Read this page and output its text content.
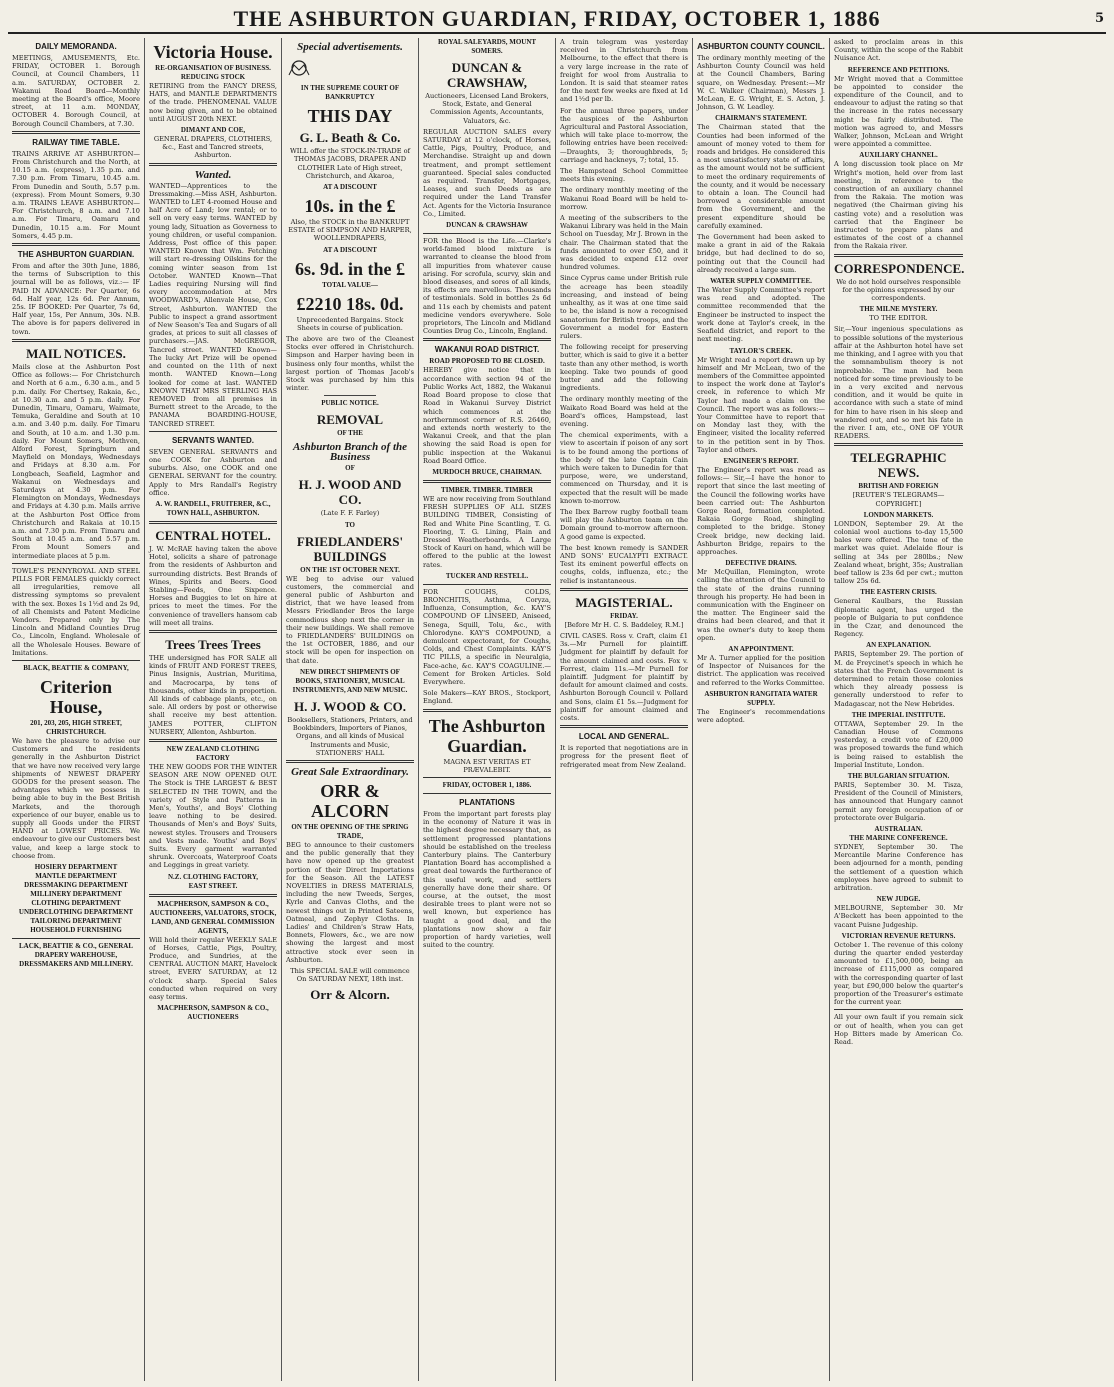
THE ASHBURTON GUARDIAN, FRIDAY, OCTOBER 1, 1886	5
DAILY MEMORANDA.
MEETINGS, AMUSEMENTS, Etc. FRIDAY, OCTOBER 1. Borough Council, at Council Chambers, 11 a.m. SATURDAY, OCTOBER 2. Wakanui Road Board—Monthly meeting at the Board's office, Moore street, at 11 a.m. MONDAY, OCTOBER 4. Borough Council, at Borough Council Chambers, at 7.30.
RAILWAY TIME TABLE.
TRAINS ARRIVE AT ASHBURTON—From Christchurch and the North, at 10.15 a.m. (express), 1.35 p.m. and 7.30 p.m. From Timaru, 10.45 a.m. From Dunedin and South, 5.57 p.m. (express). From Mount Somers, 9.30 a.m. TRAINS LEAVE ASHBURTON—For Christchurch, 8 a.m. and 7.10 a.m. For Timaru, Oamaru and Dunedin, 10.15 a.m. For Mount Somers, 4.45 p.m.
THE ASHBURTON GUARDIAN.
From and after the 30th June, 1886, the terms of Subscription to this journal will be as follows, viz.:— IF PAID IN ADVANCE: Per Quarter, 6s 6d. Half year, 12s 6d. Per Annum, 25s. IF BOOKED: Per Quarter, 7s 6d, Half year, 15s, Per Annum, 30s. N.B. The above is for papers delivered in town.
MAIL NOTICES.
Mails close at the Ashburton Post Office as follows:— For Christchurch and North at 6 a.m., 6.30 a.m., and 5 p.m. daily. For Chertsey, Rakaia, &c., at 10.30 a.m. and 5 p.m. daily. For Dunedin, Timaru, Oamaru, Waimate, Temuka, Geraldine and South at 10 a.m. and 3.40 p.m. daily. For Timaru and South, at 10 a.m. and 1.30 p.m. daily. For Mount Somers, Methven, Alford Forest, Springburn and Mayfield on Mondays, Wednesdays and Fridays at 8.30 a.m. For Longbeach, Seafield, Lagmhor and Wakanui on Wednesdays and Saturdays at 4.30 p.m. For Flemington on Mondays, Wednesdays and Fridays at 4.30 p.m. Mails arrive at the Ashburton Post Office from Christchurch and Rakaia at 10.15 a.m. and 7.30 p.m. From Timaru and South at 10.45 a.m. and 5.57 p.m. From Mount Somers and intermediate places at 5 p.m.
TOWLE'S PENNYROYAL AND STEEL PILLS FOR FEMALES quickly correct all irregularities, remove all distressing symptoms so prevalent with the sex. Boxes 1s 1½d and 2s 9d, of all Chemists and Patent Medicine Vendors. Prepared only by The Lincoln and Midland Counties Drug Co., Lincoln, England. Wholesale of all the Wholesale Houses. Beware of Imitations.
BLACK, BEATTIE & COMPANY,
Criterion House,
201, 203, 205, HIGH STREET, CHRISTCHURCH.
We have the pleasure to advise our Customers and the residents generally in the Ashburton District that we have now received very large shipments of NEWEST DRAPERY GOODS for the present season. The advantages which we possess in being able to buy in the Best British Markets, and the thorough experience of our buyer, enable us to supply all Goods under the FIRST HAND at LOWEST PRICES. We endeavour to give our Customers best value, and keep a large stock to choose from.
HOSIERY DEPARTMENT
MANTLE DEPARTMENT
DRESSMAKING DEPARTMENT
MILLINERY DEPARTMENT
CLOTHING DEPARTMENT
UNDERCLOTHING DEPARTMENT
TAILORING DEPARTMENT
HOUSEHOLD FURNISHING
LACK, BEATTIE & CO., GENERAL DRAPERY WAREHOUSE, DRESSMAKERS AND MILLINERY.
Victoria House.
RE-ORGANISATION OF BUSINESS.
REDUCING STOCK
RETIRING from the FANCY DRESS, HATS, and MANTLE DEPARTMENTS of the trade. PHENOMENAL VALUE now being given, and to be obtained until AUGUST 20th NEXT.
DIMANT AND COE,
GENERAL DRAPERS, CLOTHIERS, &c., East and Tancred streets, Ashburton.
Wanted.
WANTED—Apprentices to the Dressmaking.—Miss ASH, Ashburton. WANTED to LET 4-roomed House and half Acre of Land; low rental; or to sell on very easy terms. WANTED by young lady, Situation as Governess to young children, or useful companion. Address, Post office of this paper. WANTED Known that Wm. Fetching will start re-dressing Oilskins for the coming winter season from 1st October. WANTED Known—That Ladies requiring Nursing will find every accommodation at Mrs WOODWARD's, Allenvale House, Cox Street, Ashburton. WANTED the Public to inspect a grand assortment of New Season's Tea and Sugars of all grades, at prices to suit all classes of purchasers.—JAS. McGREGOR, Tancred street. WANTED Known—The lucky Art Prize will be opened and counted on the 11th of next month. WANTED Known—Long looked for come at last. WANTED KNOWN THAT MRS STERLING HAS REMOVED from all premises in Burnett street to the Arcade, to the PANAMA BOARDING-HOUSE, TANCRED STREET.
SERVANTS WANTED.
SEVEN GENERAL SERVANTS and one COOK for Ashburton and suburbs. Also, one COOK and one GENERAL SERVANT for the country. Apply to Mrs Randall's Registry office.
A. W. RANDELL, FRUITERER, &C., TOWN HALL, ASHBURTON.
CENTRAL HOTEL.
J. W. McRAE having taken the above Hotel, solicits a share of patronage from the residents of Ashburton and surrounding districts. Best Brands of Wines, Spirits and Beers. Good Stabling—Feeds, One Sixpence. Horses and Buggies to let on hire at prices to meet the times. For the convenience of travellers hansom cab will meet all trains.
Trees Trees Trees
THE undersigned has FOR SALE all kinds of FRUIT AND FOREST TREES, Pinus Insignis, Austrian, Muritima, and Macrocarpa, by tens of thousands, other kinds in proportion. All kinds of cabbage plants, etc., on sale. All orders by post or otherwise shall receive my best attention. JAMES POTTER, CLIFTON NURSERY, Allenton, Ashburton.
NEW ZEALAND CLOTHING FACTORY
THE NEW GOODS FOR THE WINTER SEASON ARE NOW OPENED OUT. The Stock is THE LARGEST & BEST SELECTED IN THE TOWN, and the variety of Style and Patterns in Men's, Youths', and Boys' Clothing leave nothing to be desired. Thousands of Men's and Boys' Suits, newest styles. Trousers and Trousers and Vests made. Youths' and Boys' Suits. Every garment warranted shrunk. Overcoats, Waterproof Coats and Leggings in great variety.
N.Z. CLOTHING FACTORY,
EAST STREET.
MACPHERSON, SAMPSON & CO., AUCTIONEERS, VALUATORS, STOCK, LAND, AND GENERAL COMMISSION AGENTS,
Will hold their regular WEEKLY SALE of Horses, Cattle, Pigs, Poultry, Produce, and Sundries, at the CENTRAL AUCTION MART, Havelock street, EVERY SATURDAY, at 12 o'clock sharp. Special Sales conducted when required on very easy terms.
MACPHERSON, SAMPSON & CO., AUCTIONEERS
Special advertisements.
IN THE SUPREME COURT OF BANKRUPTCY
THIS DAY
G. L. Beath & Co.
WILL offer the STOCK-IN-TRADE of THOMAS JACOBS, DRAPER AND CLOTHIER Late of High street, Christchurch, and Akaroa,
AT A DISCOUNT
10s. in the £
Also, the STOCK in the BANKRUPT ESTATE of SIMPSON AND HARPER, WOOLLENDRAPERS,
AT A DISCOUNT
6s. 9d. in the £
TOTAL VALUE—
£2210 18s. 0d.
Unprecedented Bargains. Stock Sheets in course of publication.
The above are two of the Cleanest Stocks ever offered in Christchurch. Simpson and Harper having been in business only four months, whilst the largest portion of Thomas Jacob's Stock was purchased by him this winter.
PUBLIC NOTICE.
REMOVAL
OF THE
Ashburton Branch of the Business
OF
H. J. WOOD AND CO.
(Late F. F. Farley)
TO
FRIEDLANDERS' BUILDINGS
ON THE 1ST OCTOBER NEXT.
WE beg to advise our valued customers, the commercial and general public of Ashburton and district, that we have leased from Messrs Friedlander Bros the large commodious shop next the corner in their new buildings. We shall remove to FRIEDLANDERS' BUILDINGS on the 1st OCTOBER, 1886, and our stock will be open for inspection on that date.
NEW DIRECT SHIPMENTS OF BOOKS, STATIONERY, MUSICAL INSTRUMENTS, AND NEW MUSIC.
H. J. WOOD & CO.
Booksellers, Stationers, Printers, and Bookbinders, Importers of Pianos, Organs, and all kinds of Musical Instruments and Music, STATIONERS' HALL
Great Sale Extraordinary.
ORR & ALCORN
ON THE OPENING OF THE SPRING TRADE,
BEG to announce to their customers and the public generally that they have now opened up the greatest portion of their Direct Importations for the Season. All the LATEST NOVELTIES in DRESS MATERIALS, including the new Tweeds, Serges, Kyrle and Canvas Cloths, and the newest things out in Printed Sateens, Oatmeal, and Zephyr Cloths. In Ladies' and Children's Straw Hats, Bonnets, Flowers, &c., we are now showing the largest and most attractive stock ever seen in Ashburton.
This SPECIAL SALE will commence On SATURDAY NEXT, 18th inst.
Orr & Alcorn.
ROYAL SALEYARDS, MOUNT SOMERS.
DUNCAN & CRAWSHAW,
Auctioneers, Licensed Land Brokers, Stock, Estate, and General Commission Agents, Accountants, Valuators, &c.
REGULAR AUCTION SALES every SATURDAY at 12 o'clock, of Horses, Cattle, Pigs, Poultry, Produce, and Merchandise. Straight up and down treatment, and prompt settlement guaranteed. Special sales conducted as required. Transfer, Mortgages, Leases, and such Deeds as are required under the Land Transfer Act. Agents for the Victoria Insurance Co., Limited.
DUNCAN & CRAWSHAW
FOR the Blood is the Life.—Clarke's world-famed blood mixture is warranted to cleanse the blood from all impurities from whatever cause arising. For scrofula, scurvy, skin and blood diseases, and sores of all kinds, its effects are marvellous. Thousands of testimonials. Sold in bottles 2s 6d and 11s each by chemists and patent medicine vendors everywhere. Sole proprietors, The Lincoln and Midland Counties Drug Co., Lincoln, England.
WAKANUI ROAD DISTRICT.
ROAD PROPOSED TO BE CLOSED.
HEREBY give notice that in accordance with section 94 of the Public Works Act, 1882, the Wakanui Road Board propose to close that Road in Wakanui Survey District which commences at the northernmost corner of R.S. 26460, and extends north westerly to the Wakanui Creek, and that the plan showing the said Road is open for public inspection at the Wakanui Road Board Office.
MURDOCH BRUCE, CHAIRMAN.
TIMBER. TIMBER. TIMBER
WE are now receiving from Southland FRESH SUPPLIES OF ALL SIZES BUILDING TIMBER, Consisting of Red and White Pine Scantling, T. G. Flooring, T. G. Lining, Plain and Dressed Weatherboards. A Large Stock of Kauri on hand, which will be offered to the public at the lowest rates.
TUCKER AND RESTELL.
FOR COUGHS, COLDS, BRONCHITIS, Asthma, Coryza, Influenza, Consumption, &c. KAY'S COMPOUND OF LINSEED, Aniseed, Senega, Squill, Tolu, &c., with Chlorodyne. KAY'S COMPOUND, a demulcent expectorant, for Coughs, Colds, and Chest Complaints. KAY'S TIC PILLS, a specific in Neuralgia, Face-ache, &c. KAY'S COAGULINE.—Cement for Broken Articles. Sold Everywhere.
Sole Makers—KAY BROS., Stockport, England.
The Ashburton Guardian.
MAGNA EST VERITAS ET PRÆVALEBIT.
FRIDAY, OCTOBER 1, 1886.
PLANTATIONS
From the important part forests play in the economy of Nature it was in the highest degree necessary that, as settlement progressed plantations should be established on the treeless Canterbury plains. The Canterbury Plantation Board has accomplished a great deal towards the furtherance of this useful work, and settlers generally have done their share. Of course, at the outset, the most desirable trees to plant were not so well known, but experience has taught a good deal, and the plantations now show a fair proportion of hardy varieties, well suited to the country.
A train telegram was yesterday received in Christchurch from Melbourne, to the effect that there is a very large increase in the rate of freight for wool from Australia to London. It is said that steamer rates for the next few weeks are fixed at 1d and 1½d per lb.
For the annual three papers, under the auspices of the Ashburton Agricultural and Pastoral Association, which will take place to-morrow, the following entries have been received:—Draughts, 3; thoroughbreds, 5; carriage and hackneys, 7; total, 15.
The Hampstead School Committee meets this evening.
The ordinary monthly meeting of the Wakanui Road Board will be held to-morrow.
A meeting of the subscribers to the Wakanui Library was held in the Main School on Tuesday, Mr J. Brown in the chair. The Chairman stated that the funds amounted to over £50, and it was decided to expend £12 over hundred volumes.
Since Cyprus came under British rule the acreage has been steadily increasing, and instead of being unhealthy, as it was at one time said to be, the island is now a recognised sanatorium for British troops, and the Government a model for Eastern rulers.
The following receipt for preserving butter, which is said to give it a better taste than any other method, is worth keeping. Take two pounds of good butter and add the following ingredients.
The ordinary monthly meeting of the Waikato Road Board was held at the Board's offices, Hampstead, last evening.
The chemical experiments, with a view to ascertain if poison of any sort is to be found among the portions of the body of the late Captain Cain which were taken to Dunedin for that purpose, were, we understand, commenced on Thursday, and it is expected that the result will be made known to-morrow.
The Ibex Barrow rugby football team will play the Ashburton team on the Domain ground to-morrow afternoon. A good game is expected.
The best known remedy is SANDER AND SONS' EUCALYPTI EXTRACT. Test its eminent powerful effects on coughs, colds, influenza, etc.; the relief is instantaneous.
MAGISTERIAL.
FRIDAY.
[Before Mr H. C. S. Baddeley, R.M.]
CIVIL CASES. Ross v. Craft, claim £1 3s.—Mr Purnell for plaintiff. Judgment for plaintiff by default for the amount claimed and costs. Fox v. Forrest, claim 11s.—Mr Purnell for plaintiff. Judgment for plaintiff by default for amount claimed and costs. Ashburton Borough Council v. Pollard and Sons, claim £1 5s.—Judgment for plaintiff for amount claimed and costs.
LOCAL AND GENERAL.
It is reported that negotiations are in progress for the present fleet of refrigerated meat from New Zealand.
ASHBURTON COUNTY COUNCIL.
The ordinary monthly meeting of the Ashburton County Council was held at the Council Chambers, Baring square, on Wednesday. Present:—Mr W. C. Walker (Chairman), Messrs J. McLean, E. G. Wright, E. S. Acton, J. Johnson, G. W. Leadley.
CHAIRMAN'S STATEMENT.
The Chairman stated that the Counties had been informed of the amount of money voted to them for roads and bridges. He considered this a most unsatisfactory state of affairs, as the amount would not be sufficient to meet the ordinary requirements of the county, and it would be necessary to obtain a loan. The Council had borrowed a considerable amount from the Government, and the present expenditure should be carefully examined.
The Government had been asked to make a grant in aid of the Rakaia bridge, but had declined to do so, pointing out that the Council had already received a large sum.
WATER SUPPLY COMMITTEE.
The Water Supply Committee's report was read and adopted. The committee recommended that the Engineer be instructed to inspect the work done at Taylor's creek, in the Seafield district, and report to the next meeting.
TAYLOR'S CREEK.
Mr Wright read a report drawn up by himself and Mr McLean, two of the members of the Committee appointed to inspect the work done at Taylor's creek, in reference to which Mr Taylor had made a claim on the Council. The report was as follows:— Your Committee have to report that on Monday last they, with the Engineer, visited the locality referred to in the petition sent in by Thos. Taylor and others.
ENGINEER'S REPORT.
The Engineer's report was read as follows:— Sir,—I have the honor to report that since the last meeting of the Council the following works have been carried out: The Ashburton Gorge Road, formation completed. Rakaia Gorge Road, shingling completed to the bridge. Stoney Creek bridge, new decking laid. Ashburton Bridge, repairs to the approaches.
DEFECTIVE DRAINS.
Mr McQuillan, Flemington, wrote calling the attention of the Council to the state of the drains running through his property. He had been in communication with the Engineer on the matter. The Engineer said the drains had been cleared, and that it was the owner's duty to keep them open.
AN APPOINTMENT.
Mr A. Turner applied for the position of Inspector of Nuisances for the district. The application was received and referred to the Works Committee.
ASHBURTON RANGITATA WATER SUPPLY.
The Engineer's recommendations were adopted.
asked to proclaim areas in this County, within the scope of the Rabbit Nuisance Act.
REFERENCE AND PETITIONS.
Mr Wright moved that a Committee be appointed to consider the expenditure of the Council, and to endeavour to adjust the rating so that the increase in the rates necessary might be fairly distributed. The motion was agreed to, and Messrs Walker, Johnson, McLean and Wright were appointed a committee.
AUXILIARY CHANNEL.
A long discussion took place on Mr Wright's motion, held over from last meeting, in reference to the construction of an auxiliary channel from the Rakaia. The motion was negatived (the Chairman giving his casting vote) and a resolution was carried that the Engineer be instructed to prepare plans and estimates of the cost of a channel from the Rakaia river.
CORRESPONDENCE.
We do not hold ourselves responsible for the opinions expressed by our correspondents.
THE MILNE MYSTERY.
TO THE EDITOR.
Sir,—Your ingenious speculations as to possible solutions of the mysterious affair at the Ashburton hotel have set me thinking, and I agree with you that the somnambulism theory is not improbable. The man had been noticed for some time previously to be in a very excited and nervous condition, and it would be quite in accordance with such a state of mind for him to have risen in his sleep and wandered out, and so met his fate in the river. I am, etc., ONE OF YOUR READERS.
TELEGRAPHIC NEWS.
BRITISH AND FOREIGN
[REUTER'S TELEGRAMS—COPYRIGHT.]
LONDON MARKETS.
LONDON, September 29. At the colonial wool auctions to-day 15,500 bales were offered. The tone of the market was quiet. Adelaide flour is selling at 34s per 280lbs.; New Zealand wheat, bright, 35s; Australian beef tallow is 23s 6d per cwt.; mutton tallow 25s 6d.
THE EASTERN CRISIS.
General Kaulbars, the Russian diplomatic agent, has urged the people of Bulgaria to put confidence in the Czar, and denounced the Regency.
AN EXPLANATION.
PARIS, September 29. The portion of M. de Freycinet's speech in which he states that the French Government is determined to retain those colonies which they already possess is generally understood to refer to Madagascar, not the New Hebrides.
THE IMPERIAL INSTITUTE.
OTTAWA, September 29. In the Canadian House of Commons yesterday, a credit vote of £20,000 was proposed towards the fund which is being raised to establish the Imperial Institute, London.
THE BULGARIAN SITUATION.
PARIS, September 30. M. Tisza, President of the Council of Ministers, has announced that Hungary cannot permit any foreign occupation of or protectorate over Bulgaria.
AUSTRALIAN.
THE MARINE CONFERENCE.
SYDNEY, September 30. The Mercantile Marine Conference has been adjourned for a month, pending the settlement of a question which employees have agreed to submit to arbitration.
NEW JUDGE.
MELBOURNE, September 30. Mr A'Beckett has been appointed to the vacant Puisne Judgeship.
VICTORIAN REVENUE RETURNS.
October 1. The revenue of this colony during the quarter ended yesterday amounted to £1,500,000, being an increase of £115,000 as compared with the corresponding quarter of last year, but £90,000 below the quarter's proportion of the Treasurer's estimate for the current year.
All your own fault if you remain sick or out of health, when you can get Hop Bitters made by American Co. Read.
